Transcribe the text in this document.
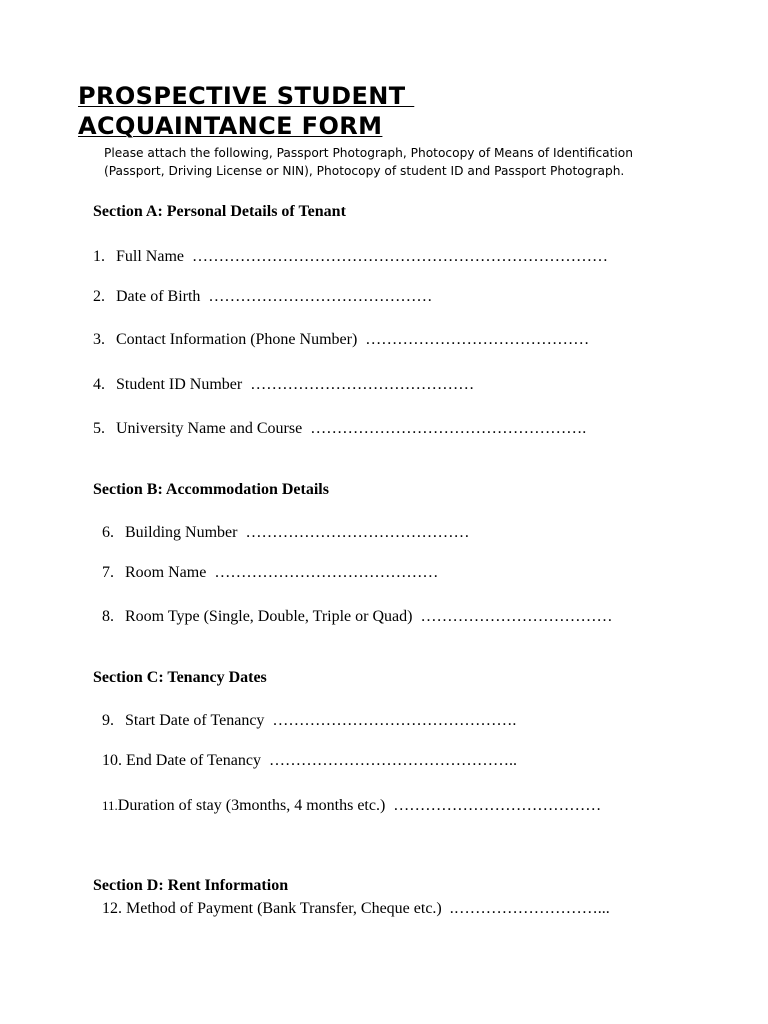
PROSPECTIVE STUDENT
ACQUAINTANCE FORM
Please attach the following, Passport Photograph, Photocopy of Means of Identification (Passport, Driving License or NIN), Photocopy of student ID and Passport Photograph.
Section A: Personal Details of Tenant
1. Full Name ……………………………………………………………………
2. Date of Birth ……………………………………
3. Contact Information (Phone Number) ……………………………………
4. Student ID Number ……………………………………
5. University Name and Course …………………………………………….
Section B: Accommodation Details
6. Building Number ……………………………………
7. Room Name ……………………………………
8. Room Type (Single, Double, Triple or Quad) ………………………………
Section C: Tenancy Dates
9. Start Date of Tenancy ……………………………………….
10. End Date of Tenancy ………………………………………..
11.Duration of stay (3months, 4 months etc.) …………………………………
Section D: Rent Information
12. Method of Payment (Bank Transfer, Cheque etc.) .………………………...
